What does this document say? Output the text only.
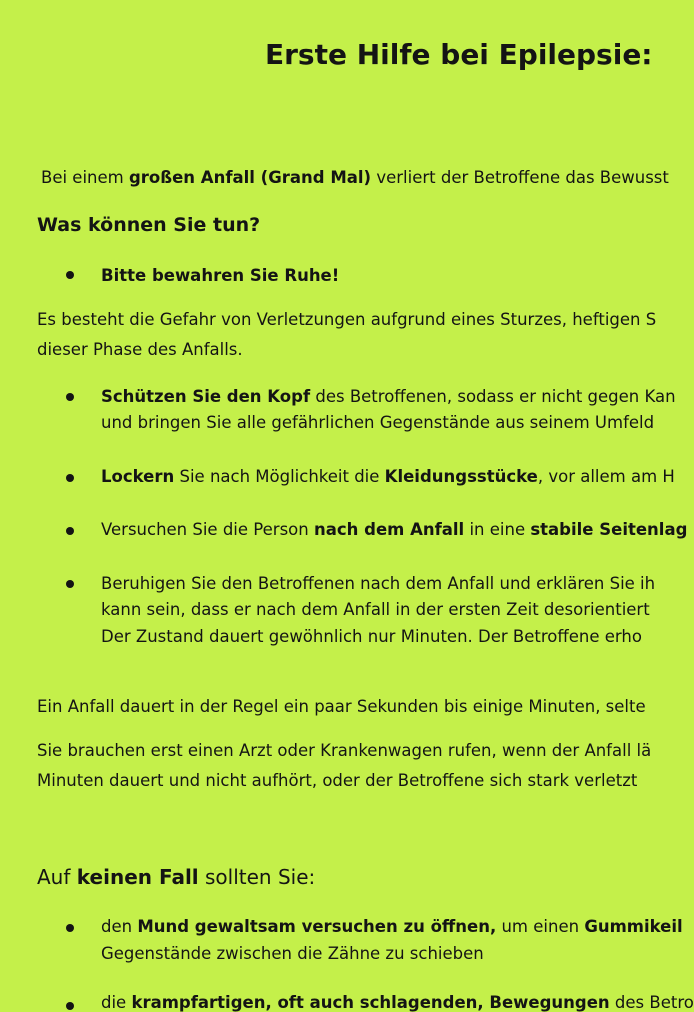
Erste Hilfe bei Epilepsie:
Bei einem großen Anfall (Grand Mal) verliert der Betroffene das Bewusst
Was können Sie tun?
Bitte bewahren Sie Ruhe!
Es besteht die Gefahr von Verletzungen aufgrund eines Sturzes, heftigen S
dieser Phase des Anfalls.
Schützen Sie den Kopf des Betroffenen, sodass er nicht gegen Kan
und bringen Sie alle gefährlichen Gegenstände aus seinem Umfeld
Lockern Sie nach Möglichkeit die Kleidungsstücke, vor allem am H
Versuchen Sie die Person nach dem Anfall in eine stabile Seitenlag
Beruhigen Sie den Betroffenen nach dem Anfall und erklären Sie ih
kann sein, dass er nach dem Anfall in der ersten Zeit desorientiert
Der Zustand dauert gewöhnlich nur Minuten. Der Betroffene erho
Ein Anfall dauert in der Regel ein paar Sekunden bis einige Minuten, selte
Sie brauchen erst einen Arzt oder Krankenwagen rufen, wenn der Anfall lä
Minuten dauert und nicht aufhört, oder der Betroffene sich stark verletzt
Auf keinen Fall sollten Sie:
den Mund gewaltsam versuchen zu öffnen, um einen Gummikeil
Gegenstände zwischen die Zähne zu schieben
die krampfartigen, oft auch schlagenden, Bewegungen des Betro
